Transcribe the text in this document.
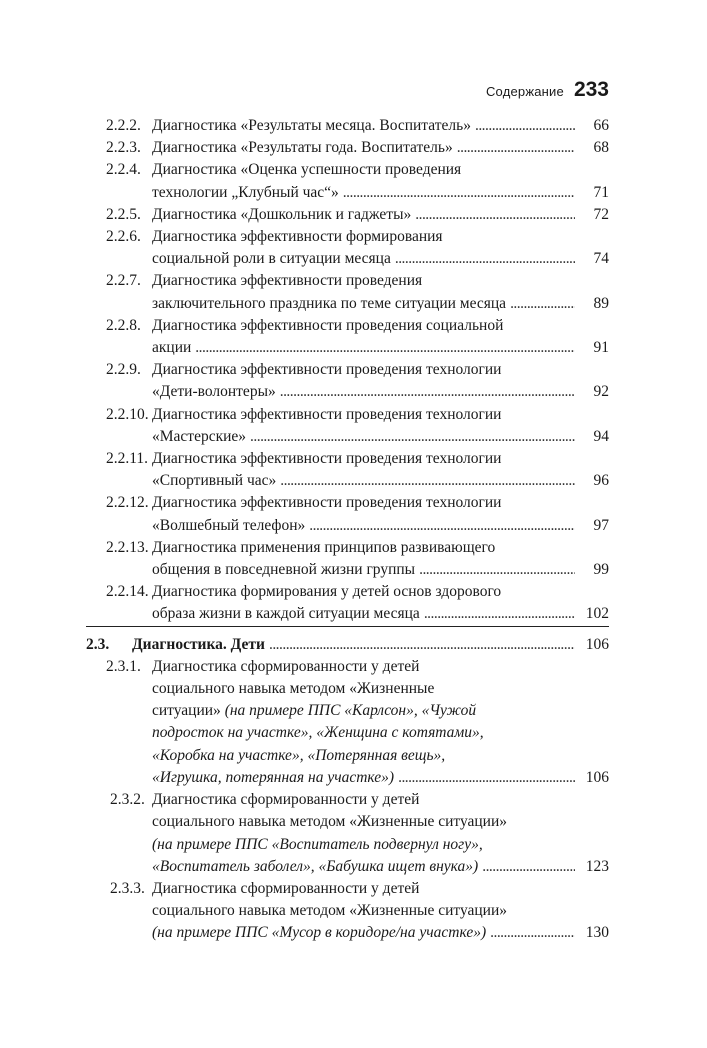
Содержание 233
2.2.2. Диагностика «Результаты месяца. Воспитатель» . . .	66
2.2.3. Диагностика «Результаты года. Воспитатель» . . .	68
2.2.4. Диагностика «Оценка успешности проведения
технологии „Клубный час“» . . .	71
2.2.5. Диагностика «Дошкольник и гаджеты» . . .	72
2.2.6. Диагностика эффективности формирования
социальной роли в ситуации месяца . . .	74
2.2.7. Диагностика эффективности проведения
заключительного праздника по теме ситуации месяца . . .	89
2.2.8. Диагностика эффективности проведения социальной
акции . . .	91
2.2.9. Диагностика эффективности проведения технологии
«Дети-волонтеры» . . .	92
2.2.10. Диагностика эффективности проведения технологии
«Мастерские» . . .	94
2.2.11. Диагностика эффективности проведения технологии
«Спортивный час» . . .	96
2.2.12. Диагностика эффективности проведения технологии
«Волшебный телефон» . . .	97
2.2.13. Диагностика применения принципов развивающего
общения в повседневной жизни группы . . .	99
2.2.14. Диагностика формирования у детей основ здорового
образа жизни в каждой ситуации месяца . . .	102
2.3. Диагностика. Дети . . .	106
2.3.1. Диагностика сформированности у детей
социального навыка методом «Жизненные
ситуации» (на примере ППС «Карлсон», «Чужой
подросток на участке», «Женщина с котятами»,
«Коробка на участке», «Потерянная вещь»,
«Игрушка, потерянная на участке») . . .	106
2.3.2. Диагностика сформированности у детей
социального навыка методом «Жизненные ситуации»
(на примере ППС «Воспитатель подвернул ногу»,
«Воспитатель заболел», «Бабушка ищет внука») . . .	123
2.3.3. Диагностика сформированности у детей
социального навыка методом «Жизненные ситуации»
(на примере ППС «Мусор в коридоре/на участке») . . .	130
